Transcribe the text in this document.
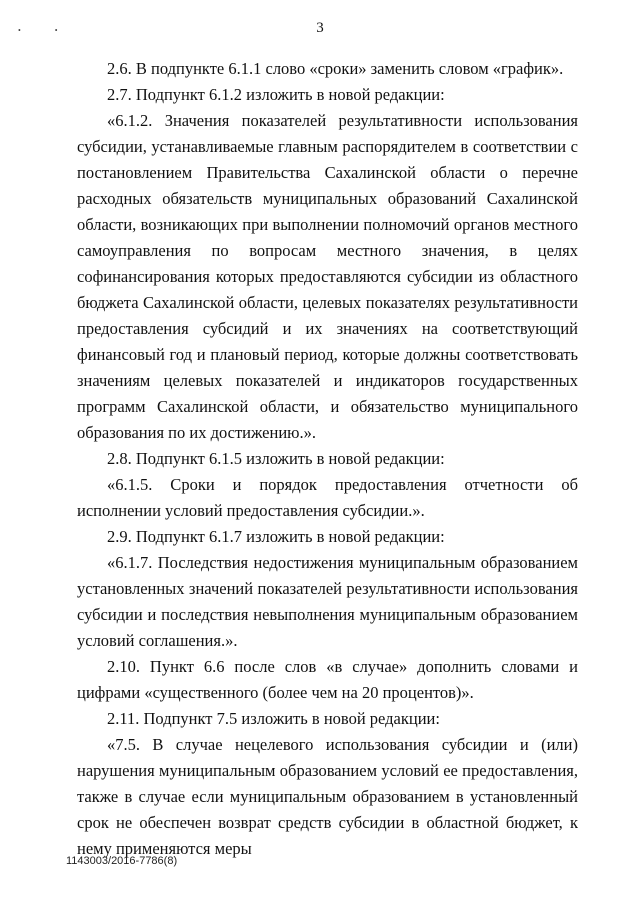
• •	3

2.6. В подпункте 6.1.1 слово «сроки» заменить словом «график».

2.7. Подпункт 6.1.2 изложить в новой редакции:

«6.1.2. Значения показателей результативности использования субсидии, устанавливаемые главным распорядителем в соответствии с постановлением Правительства Сахалинской области о перечне расходных обязательств муниципальных образований Сахалинской области, возникающих при выполнении полномочий органов местного самоуправления по вопросам местного значения, в целях софинансирования которых предоставляются субсидии из областного бюджета Сахалинской области, целевых показателях результативности предоставления субсидий и их значениях на соответствующий финансовый год и плановый период, которые должны соответствовать значениям целевых показателей и индикаторов государственных программ Сахалинской области, и обязательство муниципального образования по их достижению.».

2.8. Подпункт 6.1.5 изложить в новой редакции:

«6.1.5. Сроки и порядок предоставления отчетности об исполнении условий предоставления субсидии.».

2.9. Подпункт 6.1.7 изложить в новой редакции:

«6.1.7. Последствия недостижения муниципальным образованием установленных значений показателей результативности использования субсидии и последствия невыполнения муниципальным образованием условий соглашения.».

2.10. Пункт 6.6 после слов «в случае» дополнить словами и цифрами «существенного (более чем на 20 процентов)».

2.11. Подпункт 7.5 изложить в новой редакции:

«7.5. В случае нецелевого использования субсидии и (или) нарушения муниципальным образованием условий ее предоставления, также в случае если муниципальным образованием в установленный срок не обеспечен возврат средств субсидии в областной бюджет, к нему применяются меры

1143003/2016-7786(8)
